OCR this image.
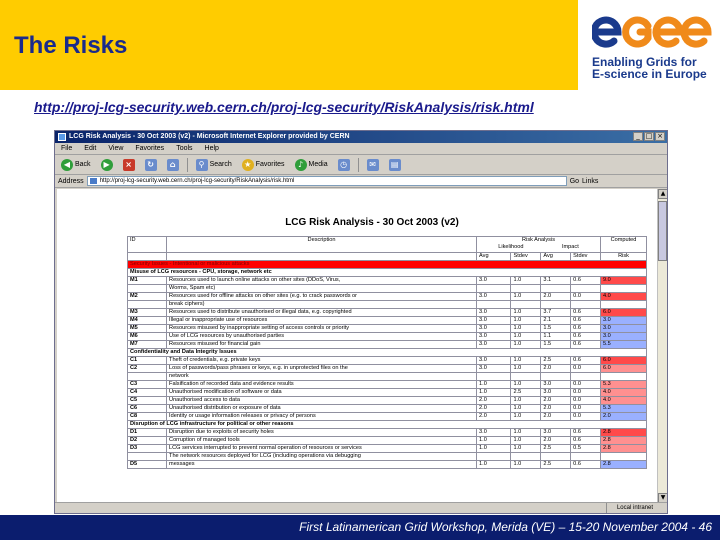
The Risks
Enabling Grids for
E-science in Europe
http://proj-lcg-security.web.cern.ch/proj-lcg-security/RiskAnalysis/risk.html
LCG Risk Analysis - 30 Oct 2003 (v2) - Microsoft Internet Explorer provided by CERN	_ □ ×
File Edit View Favorites Tools Help
◀ Back	▶	×	↻	⌂	⚲ Search	★ Favorites	♪ Media	◷	✉	▤
Address	http://proj-lcg-security.web.cern.ch/proj-lcg-security/RiskAnalysis/risk.html	Go Links
LCG Risk Analysis - 30 Oct 2003 (v2)
ID	Description	Risk Analysis
Likelihood Impact				Computed

		Avg	Stdev	Avg	Stdev	Risk
Security Issues - Intentional or malicious attacks						
Misuse of LCG resources - CPU, storage, network etc						
M1	Resources used to launch online attacks on other sites (DDoS, Virus,	3.0	1.0	3.1	0.6	9.0
	Worms, Spam etc)					
M2	Resources used for offline attacks on other sites (e.g. to crack passwords or	3.0	1.0	2.0	0.0	4.0
	break ciphers)					
M3	Resources used to distribute unauthorised or illegal data, e.g. copyrighted	3.0	1.0	3.7	0.6	6.0
M4	Illegal or inappropriate use of resources	3.0	1.0	2.1	0.6	3.0
M5	Resources misused by inappropriate setting of access controls or priority	3.0	1.0	1.5	0.6	3.0
M6	Use of LCG resources by unauthorised parties	3.0	1.0	1.1	0.6	3.0
M7	Resources misused for financial gain	3.0	1.0	1.5	0.6	5.5
Confidentiality and Data Integrity Issues						
C1	Theft of credentials, e.g. private keys	3.0	1.0	2.5	0.6	6.0
C2	Loss of passwords/pass phrases or keys, e.g. in unprotected files on the	3.0	1.0	2.0	0.0	6.0
	network					
C3	Falsification of recorded data and evidence results	1.0	1.0	3.0	0.0	5.3
C4	Unauthorised modification of software or data	1.0	2.5	3.0	0.0	4.0
C5	Unauthorised access to data	2.0	1.0	2.0	0.0	4.0
C6	Unauthorised distribution or exposure of data	2.0	1.0	2.0	0.0	5.3
C8	Identity or usage information releases or privacy of persons	2.0	1.0	2.0	0.0	2.0
Disruption of LCG infrastructure for political or other reasons						
D1	Disruption due to exploits of security holes	3.0	1.0	3.0	0.6	2.8
D2	Corruption of managed tools	1.0	1.0	2.0	0.6	2.8
D3	LCG services interrupted to prevent normal operation of resources or services	1.0	1.0	2.5	0.5	2.8
	The network resources deployed for LCG (including operations via debugging					
D5	messages	1.0	1.0	2.5	0.6	2.8
▲
▼
Local intranet
First Latinamerican Grid Workshop, Merida (VE) – 15-20 November 2004 - 46
